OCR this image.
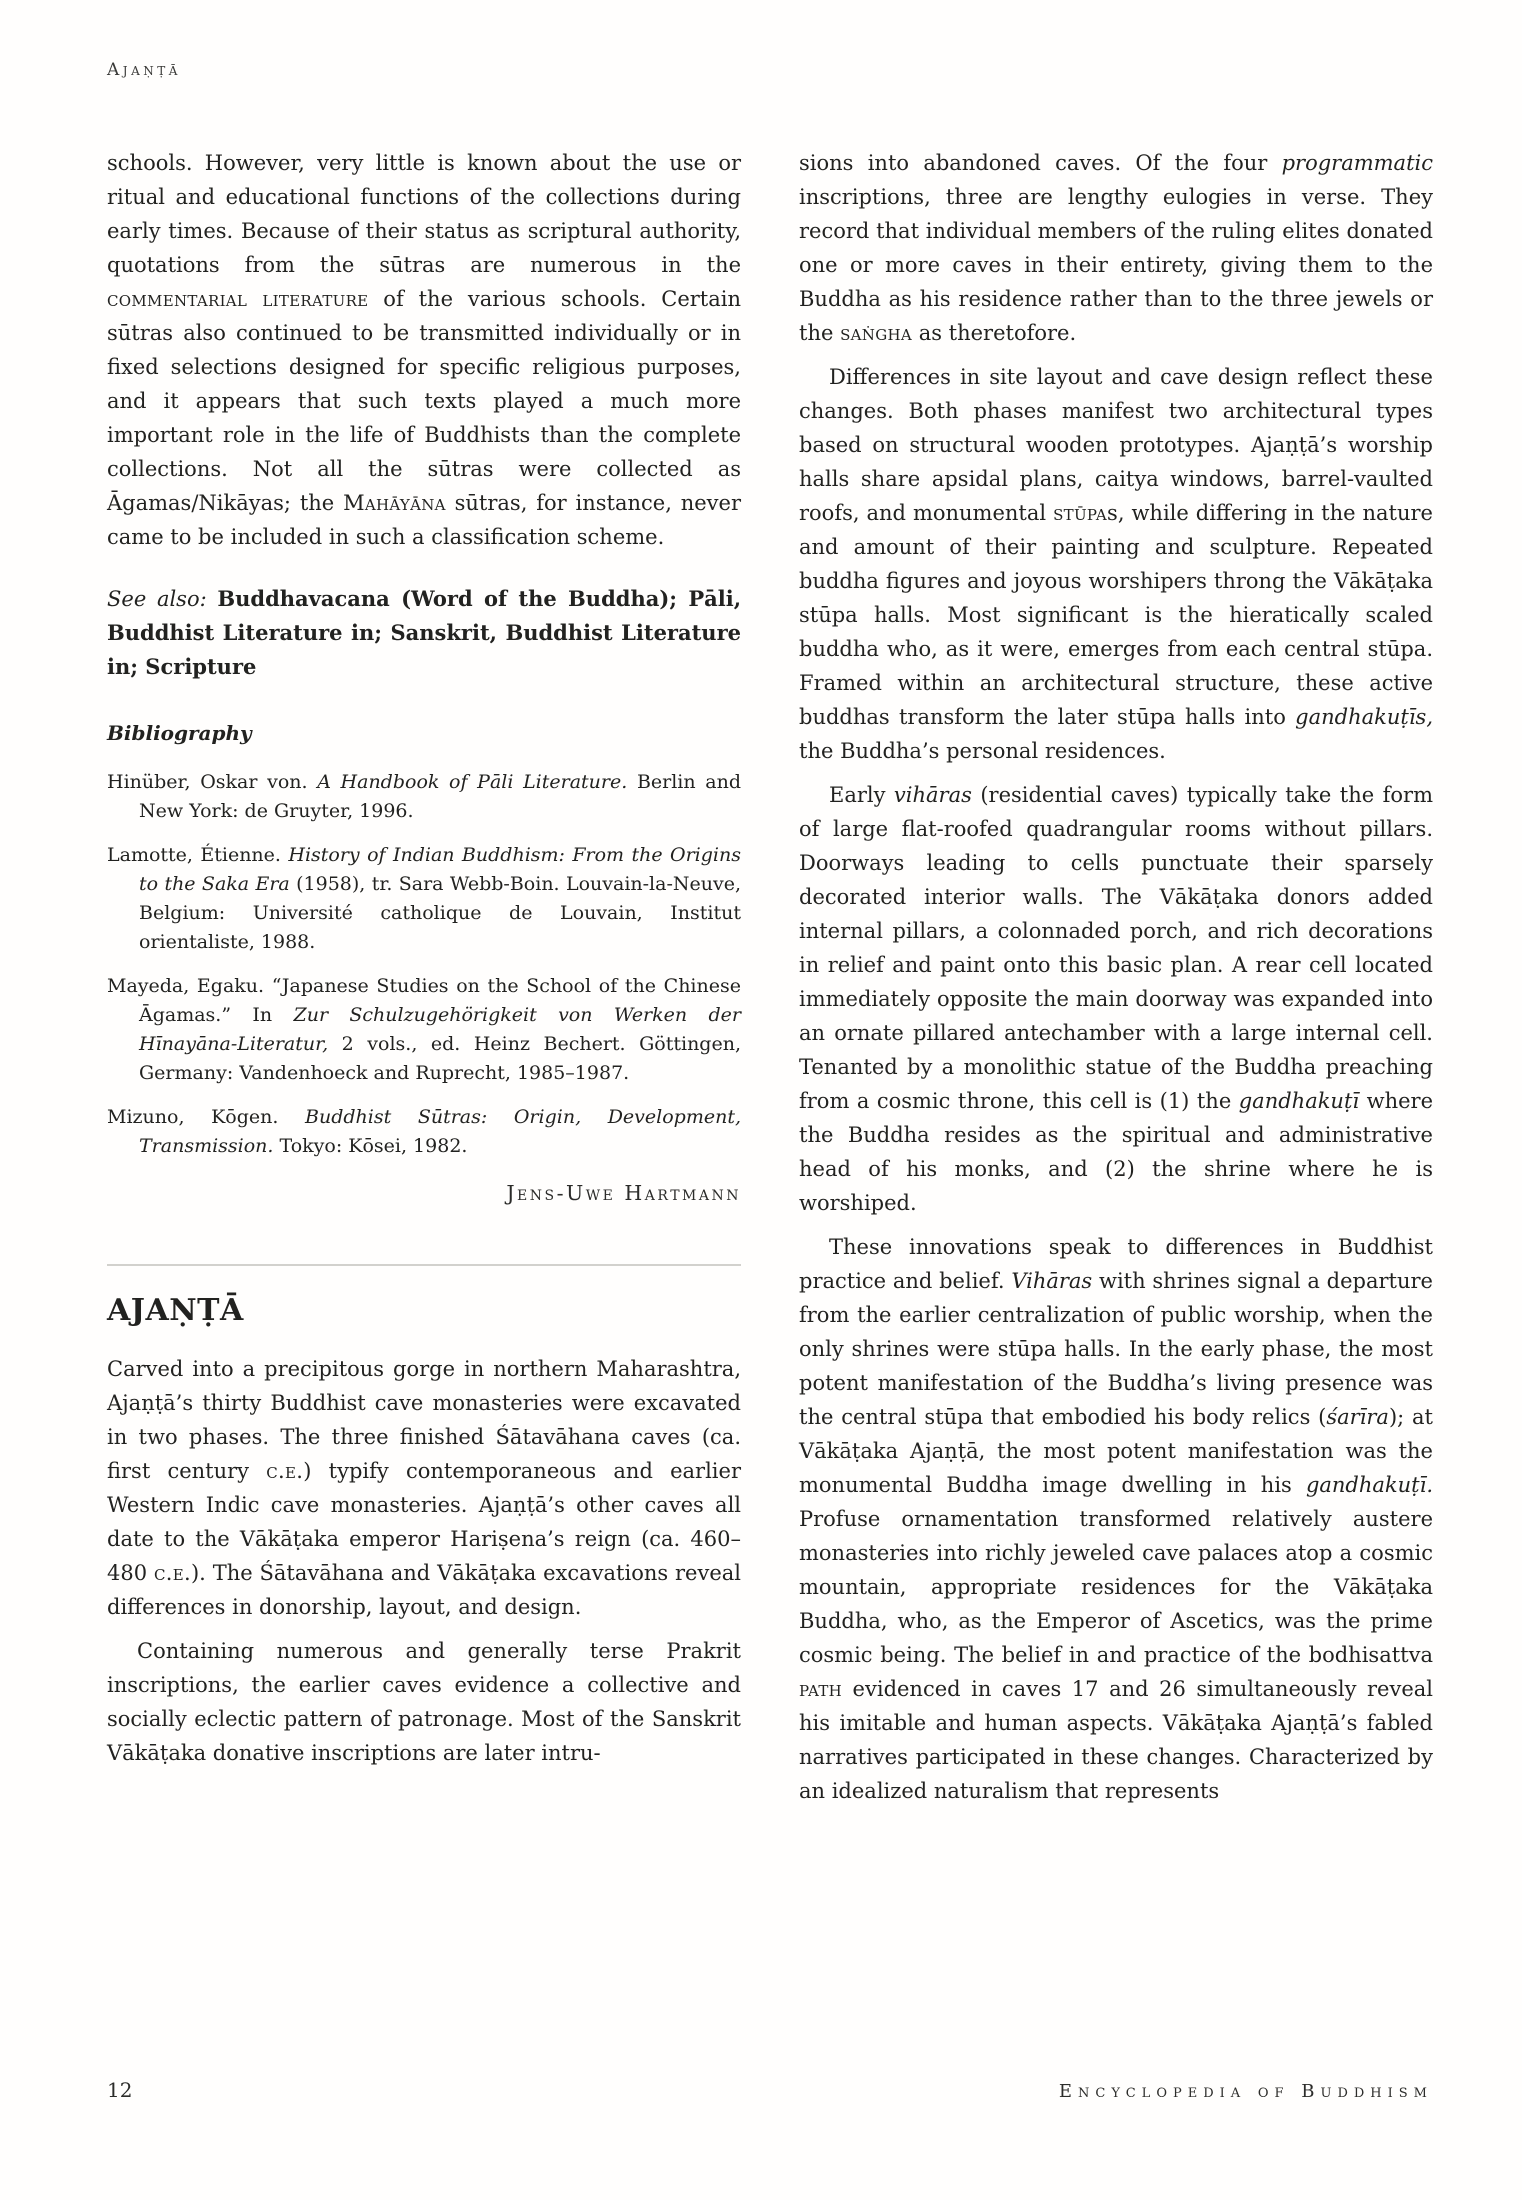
Ajaṇṭā

schools. However, very little is known about the use or ritual and educational functions of the collections during early times. Because of their status as scriptural authority, quotations from the sūtras are numerous in the commentarial literature of the various schools. Certain sūtras also continued to be transmitted individually or in fixed selections designed for specific religious purposes, and it appears that such texts played a much more important role in the life of Buddhists than the complete collections. Not all the sūtras were collected as Āgamas/Nikāyas; the Mahāyāna sūtras, for instance, never came to be included in such a classification scheme.

See also: Buddhavacana (Word of the Buddha); Pāli, Buddhist Literature in; Sanskrit, Buddhist Literature in; Scripture

Bibliography

Hinüber, Oskar von. A Handbook of Pāli Literature. Berlin and New York: de Gruyter, 1996.

Lamotte, Étienne. History of Indian Buddhism: From the Origins to the Saka Era (1958), tr. Sara Webb-Boin. Louvain-la-Neuve, Belgium: Université catholique de Louvain, Institut orientaliste, 1988.

Mayeda, Egaku. “Japanese Studies on the School of the Chinese Āgamas.” In Zur Schulzugehörigkeit von Werken der Hīnayāna-Literatur, 2 vols., ed. Heinz Bechert. Göttingen, Germany: Vandenhoeck and Ruprecht, 1985–1987.

Mizuno, Kōgen. Buddhist Sūtras: Origin, Development, Transmission. Tokyo: Kōsei, 1982.

Jens-Uwe Hartmann

AJAṆṬĀ

Carved into a precipitous gorge in northern Maharashtra, Ajaṇṭā’s thirty Buddhist cave monasteries were excavated in two phases. The three finished Śātavāhana caves (ca. first century c.e.) typify contemporaneous and earlier Western Indic cave monasteries. Ajaṇṭā’s other caves all date to the Vākāṭaka emperor Hariṣena’s reign (ca. 460–480 c.e.). The Śātavāhana and Vākāṭaka excavations reveal differences in donorship, layout, and design.

Containing numerous and generally terse Prakrit inscriptions, the earlier caves evidence a collective and socially eclectic pattern of patronage. Most of the Sanskrit Vākāṭaka donative inscriptions are later intru-

sions into abandoned caves. Of the four programmatic inscriptions, three are lengthy eulogies in verse. They record that individual members of the ruling elites donated one or more caves in their entirety, giving them to the Buddha as his residence rather than to the three jewels or the saṅgha as theretofore.

Differences in site layout and cave design reflect these changes. Both phases manifest two architectural types based on structural wooden prototypes. Ajaṇṭā’s worship halls share apsidal plans, caitya windows, barrel-vaulted roofs, and monumental stūpas, while differing in the nature and amount of their painting and sculpture. Repeated buddha figures and joyous worshipers throng the Vākāṭaka stūpa halls. Most significant is the hieratically scaled buddha who, as it were, emerges from each central stūpa. Framed within an architectural structure, these active buddhas transform the later stūpa halls into gandhakuṭīs, the Buddha’s personal residences.

Early vihāras (residential caves) typically take the form of large flat-roofed quadrangular rooms without pillars. Doorways leading to cells punctuate their sparsely decorated interior walls. The Vākāṭaka donors added internal pillars, a colonnaded porch, and rich decorations in relief and paint onto this basic plan. A rear cell located immediately opposite the main doorway was expanded into an ornate pillared antechamber with a large internal cell. Tenanted by a monolithic statue of the Buddha preaching from a cosmic throne, this cell is (1) the gandhakuṭī where the Buddha resides as the spiritual and administrative head of his monks, and (2) the shrine where he is worshiped.

These innovations speak to differences in Buddhist practice and belief. Vihāras with shrines signal a departure from the earlier centralization of public worship, when the only shrines were stūpa halls. In the early phase, the most potent manifestation of the Buddha’s living presence was the central stūpa that embodied his body relics (śarīra); at Vākāṭaka Ajaṇṭā, the most potent manifestation was the monumental Buddha image dwelling in his gandhakuṭī. Profuse ornamentation transformed relatively austere monasteries into richly jeweled cave palaces atop a cosmic mountain, appropriate residences for the Vākāṭaka Buddha, who, as the Emperor of Ascetics, was the prime cosmic being. The belief in and practice of the bodhisattva path evidenced in caves 17 and 26 simultaneously reveal his imitable and human aspects. Vākāṭaka Ajaṇṭā’s fabled narratives participated in these changes. Characterized by an idealized naturalism that represents

12	Encyclopedia of Buddhism
